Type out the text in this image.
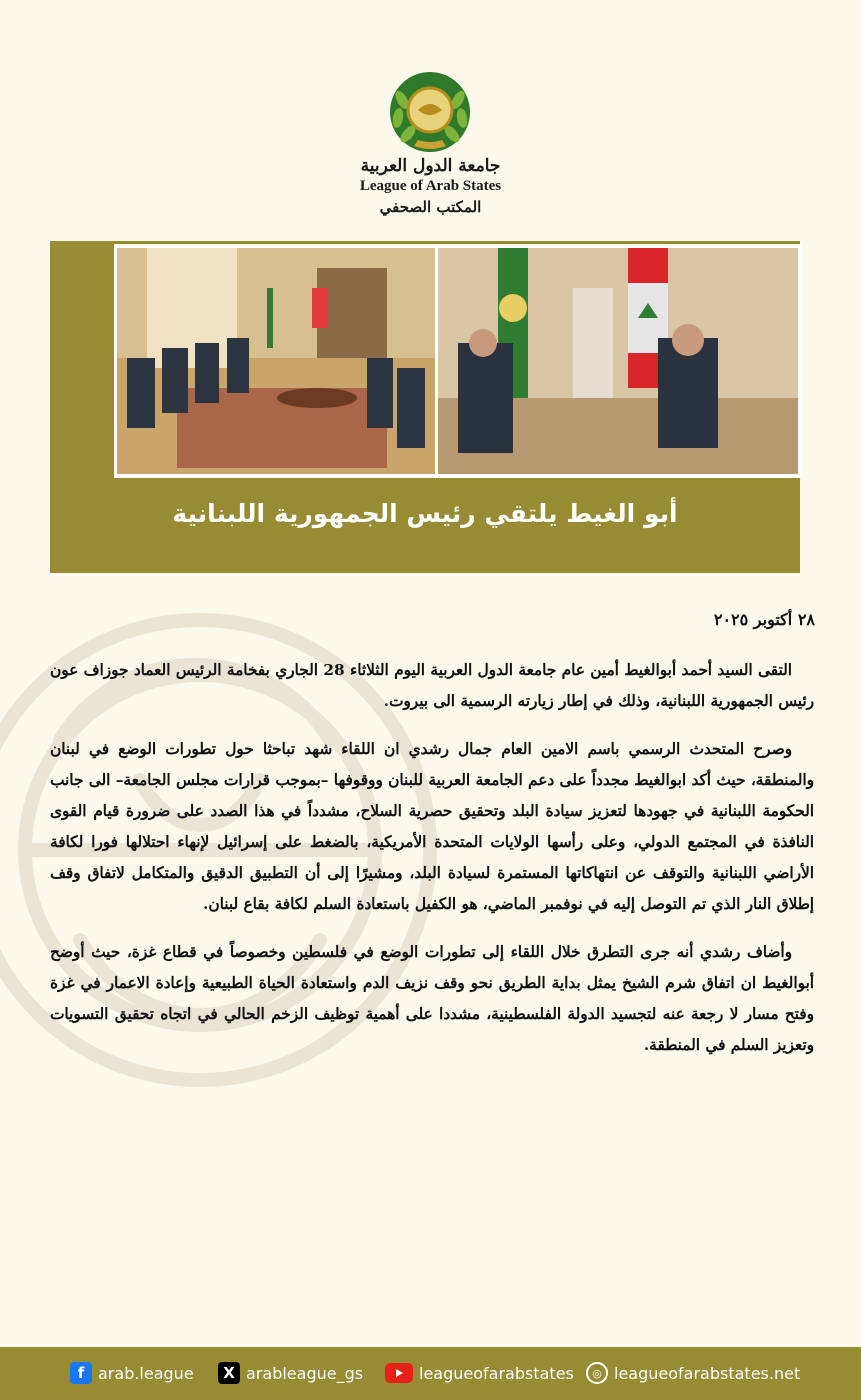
جامعة الدول العربية
League of Arab States
المكتب الصحفي
أبو الغيط يلتقي رئيس الجمهورية اللبنانية
٢٨ أكتوبر ٢٠٢٥

التقى السيد أحمد أبوالغيط أمين عام جامعة الدول العربية اليوم الثلاثاء 28 الجاري بفخامة الرئيس العماد جوزاف عون رئيس الجمهورية اللبنانية، وذلك في إطار زيارته الرسمية الى بيروت.

وصرح المتحدث الرسمي باسم الامين العام جمال رشدي ان اللقاء شهد تباحثا حول تطورات الوضع في لبنان والمنطقة، حيث أكد ابوالغيط مجدداً على دعم الجامعة العربية للبنان ووقوفها –بموجب قرارات مجلس الجامعة– الى جانب الحكومة اللبنانية في جهودها لتعزيز سيادة البلد وتحقيق حصرية السلاح، مشدداً في هذا الصدد على ضرورة قيام القوى النافذة في المجتمع الدولي، وعلى رأسها الولايات المتحدة الأمريكية، بالضغط على إسرائيل لإنهاء احتلالها فورا لكافة الأراضي اللبنانية والتوقف عن انتهاكاتها المستمرة لسيادة البلد، ومشيرًا إلى أن التطبيق الدقيق والمتكامل لاتفاق وقف إطلاق النار الذي تم التوصل إليه في نوفمبر الماضي، هو الكفيل باستعادة السلم لكافة بقاع لبنان.

وأضاف رشدي أنه جرى التطرق خلال اللقاء إلى تطورات الوضع في فلسطين وخصوصاً في قطاع غزة، حيث أوضح أبوالغيط ان اتفاق شرم الشيخ يمثل بداية الطريق نحو وقف نزيف الدم واستعادة الحياة الطبيعية وإعادة الاعمار في غزة وفتح مسار لا رجعة عنه لتجسيد الدولة الفلسطينية، مشددا على أهمية توظيف الزخم الحالي في اتجاه تحقيق التسويات وتعزيز السلم في المنطقة.

f arab.league	X arableague_gs	leagueofarabstates	◎ leagueofarabstates.net
